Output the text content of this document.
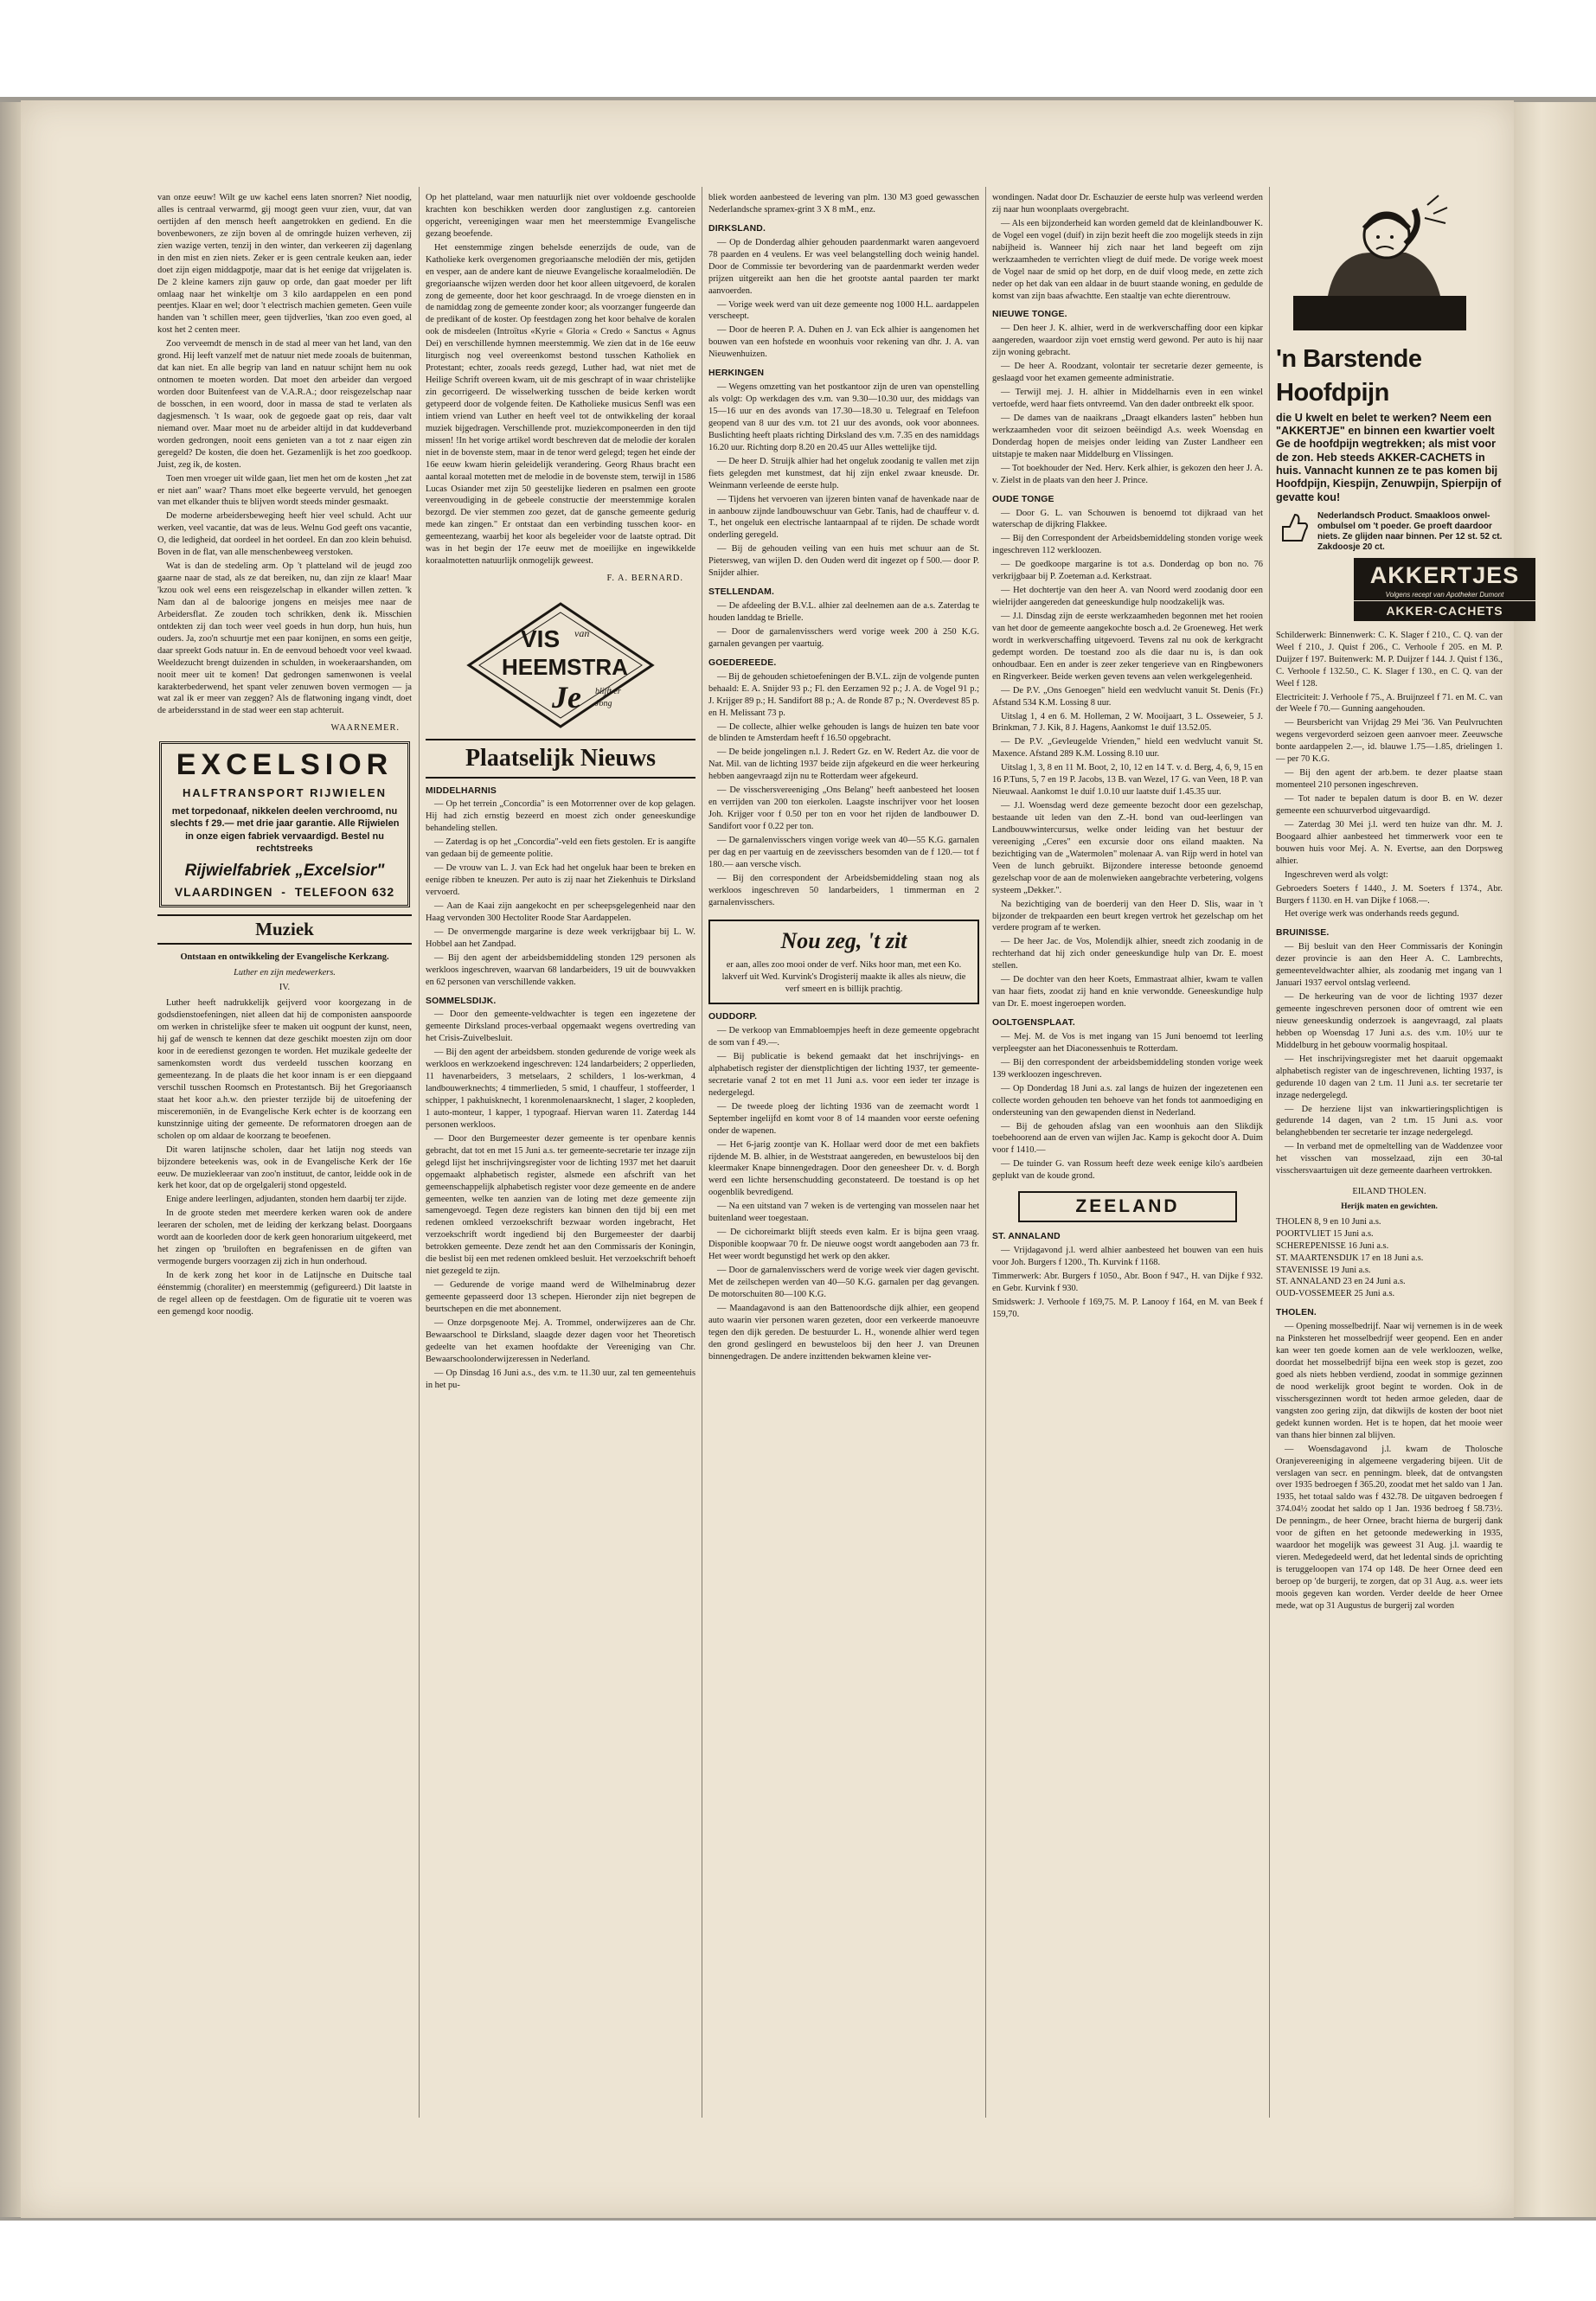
van onze eeuw! Wilt ge uw kachel eens laten snorren? Niet noodig, alles is centraal verwarmd, gij moogt geen vuur zien, vuur, dat van oertijden af den mensch heeft aangetrokken en gediend. En die bovenbewoners, ze zijn boven al de omringde huizen verheven, zij zien wazige verten, tenzij in den winter, dan verkeeren zij dagenlang in den mist en zien niets. Zeker er is geen centrale keuken aan, ieder doet zijn eigen middagpotje, maar dat is het eenige dat vrijgelaten is. De 2 kleine kamers zijn gauw op orde, dan gaat moeder per lift omlaag naar het winkeltje om 3 kilo aardappelen en een pond peentjes. Klaar en wel; door 't electrisch machien gemeten. Geen vuile handen van 't schillen meer, geen tijdverlies, 'tkan zoo even goed, al kost het 2 centen meer.

Zoo verveemdt de mensch in de stad al meer van het land, van den grond. Hij leeft vanzelf met de natuur niet mede zooals de buitenman, dat kan niet. En alle begrip van land en natuur schijnt hem nu ook ontnomen te moeten worden. Dat moet den arbeider dan vergoed worden door Buitenfeest van de V.A.R.A.; door reisgezelschap naar de bosschen, in een woord, door in massa de stad te verlaten als dagjesmensch. 't Is waar, ook de gegoede gaat op reis, daar valt niemand over. Maar moet nu de arbeider altijd in dat kuddeverband worden gedrongen, nooit eens genieten van a tot z naar eigen zin geregeld? De kosten, die doen het. Gezamenlijk is het zoo goedkoop. Juist, zeg ik, de kosten.

Toen men vroeger uit wilde gaan, liet men het om de kosten „het zat er niet aan" waar? Thans moet elke begeerte vervuld, het genoegen van met elkander thuis te blijven wordt steeds minder gesmaakt.

De moderne arbeidersbeweging heeft hier veel schuld. Acht uur werken, veel vacantie, dat was de leus. Welnu God geeft ons vacantie, O, die ledigheid, dat oordeel in het oordeel. En dan zoo klein behuisd. Boven in de flat, van alle menschenbeweeg verstoken.

Wat is dan de stedeling arm. Op 't platteland wil de jeugd zoo gaarne naar de stad, als ze dat bereiken, nu, dan zijn ze klaar! Maar 'kzou ook wel eens een reisgezelschap in elkander willen zetten. 'k Nam dan al de baloorige jongens en meisjes mee naar de Arbeidersflat. Ze zouden toch schrikken, denk ik. Misschien ontdekten zij dan toch weer veel goeds in hun dorp, hun huis, hun ouders. Ja, zoo'n schuurtje met een paar konijnen, en soms een geitje, daar spreekt Gods natuur in. En de eenvoud behoedt voor veel kwaad. Weeldezucht brengt duizenden in schulden, in woekeraarshanden, om nooit meer uit te komen! Dat gedrongen samenwonen is veelal karakterbederwend, het spant veler zenuwen boven vermogen — ja wat zal ik er meer van zeggen? Als de flatwoning ingang vindt, doet de arbeidersstand in de stad weer een stap achteruit.

WAARNEMER.
EXCELSIOR
HALFTRANSPORT RIJWIELEN
met torpedonaaf, nikkelen deelen verchroomd, nu slechts f 29.— met drie jaar garantie. Alle Rijwielen in onze eigen fabriek vervaardigd. Bestel nu rechtstreeks
Rijwielfabriek „Excelsior"
VLAARDINGEN  -  TELEFOON 632
Muziek
Ontstaan en ontwikkeling der Evangelische Kerkzang.
Luther en zijn medewerkers.
IV.

Luther heeft nadrukkelijk geijverd voor koorgezang in de godsdienstoefeningen, niet alleen dat hij de componisten aanspoorde om werken in christelijke sfeer te maken uit oogpunt der kunst, neen, hij gaf de wensch te kennen dat deze geschikt moesten zijn om door koor in de eeredienst gezongen te worden. Het muzikale gedeelte der samenkomsten wordt dus verdeeld tusschen koorzang en gemeentezang. In de plaats die het koor innam is er een diepgaand verschil tusschen Roomsch en Protestantsch. Bij het Gregoriaansch staat het koor a.h.w. den priester terzijde bij de uitoefening der misceremoniën, in de Evangelische Kerk echter is de koorzang een kunstzinnige uiting der gemeente. De reformatoren droegen aan de scholen op om aldaar de koorzang te beoefenen.

Dit waren latijnsche scholen, daar het latijn nog steeds van bijzondere beteekenis was, ook in de Evangelische Kerk der 16e eeuw. De muziekleeraar van zoo'n instituut, de cantor, leidde ook in de kerk het koor, dat op de orgelgalerij stond opgesteld.

Enige andere leerlingen, adjudanten, stonden hem daarbij ter zijde.

In de groote steden met meerdere kerken waren ook de andere leeraren der scholen, met de leiding der kerkzang belast. Doorgaans wordt aan de koorleden door de kerk geen honorarium uitgekeerd, met het zingen op 'bruiloften en begrafenissen en de giften van vermogende burgers voorzagen zij zich in hun onderhoud.

In de kerk zong het koor in de Latijnsche en Duitsche taal éénstemmig (choraliter) en meerstemmig (gefigureerd.) Dit laatste in de regel alleen op de feestdagen. Om de figuratie uit te voeren was een gemengd koor noodig.

Op het platteland, waar men natuurlijk niet over voldoende geschoolde krachten kon beschikken werden door zanglustigen z.g. cantoreien opgericht, vereenigingen waar men het meerstemmige Evangelische gezang beoefende.

Het eenstemmige zingen behelsde eenerzijds de oude, van de Katholieke kerk overgenomen gregoriaansche melodiën der mis, getijden en vesper, aan de andere kant de nieuwe Evangelische koraalmelodiën. De gregoriaansche wijzen werden door het koor alleen uitgevoerd, de koralen zong de gemeente, door het koor geschraagd. In de vroege diensten en in de namiddag zong de gemeente zonder koor; als voorzanger fungeerde dan de predikant of de koster. Op feestdagen zong het koor behalve de koralen ook de misdeelen (Introïtus «Kyrie « Gloria « Credo « Sanctus « Agnus Dei) en verschillende hymnen meerstemmig. We zien dat in de 16e eeuw liturgisch nog veel overeenkomst bestond tusschen Katholiek en Protestant; echter, zooals reeds gezegd, Luther had, wat niet met de Heilige Schrift overeen kwam, uit de mis geschrapt of in waar christelijke zin gecorrigeerd. De wisselwerking tusschen de beide kerken wordt getypeerd door de volgende feiten. De Katholieke musicus Senfl was een intiem vriend van Luther en heeft veel tot de ontwikkeling der koraal muziek bijgedragen. Verschillende prot. muziekcomponeerden in den tijd missen! !In het vorige artikel wordt beschreven dat de melodie der koralen niet in de bovenste stem, maar in de tenor werd gelegd; tegen het einde der 16e eeuw kwam hierin geleidelijk verandering. Georg Rhaus bracht een aantal koraal motetten met de melodie in de bovenste stem, terwijl in 1586 Lucas Osiander met zijn 50 geestelijke liederen en psalmen een groote vereenvoudiging in de gebeele constructie der meerstemmige koralen bezorgd. De vier stemmen zoo gezet, dat de gansche gemeente gedurig mede kan zingen." Er ontstaat dan een verbinding tusschen koor- en gemeentezang, waarbij het koor als begeleider voor de laatste optrad. Dit was in het begin der 17e eeuw met de moeilijke en ingewikkelde koraalmotetten natuurlijk onmogelijk geweest.

F. A. BERNARD.
VIS van
HEEMSTRA
Je blijft er
Jong
Plaatselijk Nieuws
MIDDELHARNIS

— Op het terrein „Concordia" is een Motorrenner over de kop gelagen. Hij had zich ernstig bezeerd en moest zich onder geneeskundige behandeling stellen.

— Zaterdag is op het „Concordia"-veld een fiets gestolen. Er is aangifte van gedaan bij de gemeente politie.

— De vrouw van L. J. van Eck had het ongeluk haar been te breken en eenige ribben te kneuzen. Per auto is zij naar het Ziekenhuis te Dirksland vervoerd.

— Aan de Kaai zijn aangekocht en per scheepsgelegenheid naar den Haag vervonden 300 Hectoliter Roode Star Aardappelen.

— De onvermengde margarine is deze week verkrijgbaar bij L. W. Hobbel aan het Zandpad.

— Bij den agent der arbeidsbemiddeling stonden 129 personen als werkloos ingeschreven, waarvan 68 landarbeiders, 19 uit de bouwvakken en 62 personen van verschillende vakken.

SOMMELSDIJK.

— Door den gemeente-veldwachter is tegen een ingezetene der gemeente Dirksland proces-verbaal opgemaakt wegens overtreding van het Crisis-Zuivelbesluit.

— Bij den agent der arbeidsbem. stonden gedurende de vorige week als werkloos en werkzoekend ingeschreven: 124 landarbeiders; 2 opperlieden, 11 havenarbeiders, 3 metselaars, 2 schilders, 1 los-werkman, 4 landbouwerknechts; 4 timmerlieden, 5 smid, 1 chauffeur, 1 stoffeerder, 1 schipper, 1 pakhuisknecht, 1 korenmolenaarsknecht, 1 slager, 2 koopleden, 1 auto-monteur, 1 kapper, 1 typograaf. Hiervan waren 11. Zaterdag 144 personen werkloos.

— Door den Burgemeester dezer gemeente is ter openbare kennis gebracht, dat tot en met 15 Juni a.s. ter gemeente-secretarie ter inzage zijn gelegd lijst het inschrijvingsregister voor de lichting 1937 met het daaruit opgemaakt alphabetisch register, alsmede een afschrift van het gemeenschappelijk alphabetisch register voor deze gemeente en de andere gemeenten, welke ten aanzien van de loting met deze gemeente zijn samengevoegd. Tegen deze registers kan binnen den tijd bij een met redenen omkleed verzoekschrift bezwaar worden ingebracht, Het verzoekschrift wordt ingediend bij den Burgemeester der daarbij betrokken gemeente. Deze zendt het aan den Commissaris der Koningin, die beslist bij een met redenen omkleed besluit. Het verzoekschrift behoeft niet gezegeld te zijn.

— Gedurende de vorige maand werd de Wilhelminabrug dezer gemeente gepasseerd door 13 schepen. Hieronder zijn niet begrepen de beurtschepen en die met abonnement.

— Onze dorpsgenoote Mej. A. Trommel, onderwijzeres aan de Chr. Bewaarschool te Dirksland, slaagde dezer dagen voor het Theoretisch gedeelte van het examen hoofdakte der Vereeniging van Chr. Bewaarschoolonderwijzeressen in Nederland.

— Op Dinsdag 16 Juni a.s., des v.m. te 11.30 uur, zal ten gemeentehuis in het pu-

bliek worden aanbesteed de levering van plm. 130 M3 goed gewasschen Nederlandsche spramex-grint 3 X 8 mM., enz.

DIRKSLAND.

— Op de Donderdag alhier gehouden paardenmarkt waren aangevoerd 78 paarden en 4 veulens. Er was veel belangstelling doch weinig handel. Door de Commissie ter bevordering van de paardenmarkt werden weder prijzen uitgereikt aan hen die het grootste aantal paarden ter markt aanvoerden.

— Vorige week werd van uit deze gemeente nog 1000 H.L. aardappelen verscheept.

— Door de heeren P. A. Duhen en J. van Eck alhier is aangenomen het bouwen van een hofstede en woonhuis voor rekening van dhr. J. A. van Nieuwenhuizen.

HERKINGEN

— Wegens omzetting van het postkantoor zijn de uren van openstelling als volgt: Op werkdagen des v.m. van 9.30—10.30 uur, des middags van 15—16 uur en des avonds van 17.30—18.30 u. Telegraaf en Telefoon geopend van 8 uur des v.m. tot 21 uur des avonds, ook voor abonnees. Buslichting heeft plaats richting Dirksland des v.m. 7.35 en des namiddags 16.20 uur. Richting dorp 8.20 en 20.45 uur Alles wettelijke tijd.

— De heer D. Struijk alhier had het ongeluk zoodanig te vallen met zijn fiets gelegden met kunstmest, dat hij zijn enkel zwaar kneusde. Dr. Weinmann verleende de eerste hulp.

— Tijdens het vervoeren van ijzeren binten vanaf de havenkade naar de in aanbouw zijnde landbouwschuur van Gebr. Tanis, had de chauffeur v. d. T., het ongeluk een electrische lantaarnpaal af te rijden. De schade wordt onderling geregeld.

— Bij de gehouden veiling van een huis met schuur aan de St. Pietersweg, van wijlen D. den Ouden werd dit ingezet op f 500.— door P. Snijder alhier.

STELLENDAM.

— De afdeeling der B.V.L. alhier zal deelnemen aan de a.s. Zaterdag te houden landdag te Brielle.

— Door de garnalenvisschers werd vorige week 200 à 250 K.G. garnalen gevangen per vaartuig.

GOEDEREEDE.

— Bij de gehouden schietoefeningen der B.V.L. zijn de volgende punten behaald: E. A. Snijder 93 p.; Fl. den Eerzamen 92 p.; J. A. de Vogel 91 p.; J. Krijger 89 p.; H. Sandifort 88 p.; A. de Ronde 87 p.; N. Overdevest 85 p. en H. Melissant 73 p.

— De collecte, alhier welke gehouden is langs de huizen ten bate voor de blinden te Amsterdam heeft f 16.50 opgebracht.

— De beide jongelingen n.l. J. Redert Gz. en W. Redert Az. die voor de Nat. Mil. van de lichting 1937 beide zijn afgekeurd en die weer herkeuring hebben aangevraagd zijn nu te Rotterdam weer afgekeurd.

— De visschersvereeniging „Ons Belang" heeft aanbesteed het loosen en verrijden van 200 ton eierkolen. Laagste inschrijver voor het loosen Joh. Krijger voor f 0.50 per ton en voor het rijden de landbouwer D. Sandifort voor f 0.22 per ton.

— De garnalenvisschers vingen vorige week van 40—55 K.G. garnalen per dag en per vaartuig en de zeevisschers besomden van de f 120.— tot f 180.— aan versche visch.

— Bij den correspondent der Arbeidsbemiddeling staan nog als werkloos ingeschreven 50 landarbeiders, 1 timmerman en 2 garnalenvisschers.

Nou zeg, 't zit

er aan, alles zoo mooi onder de verf. Niks hoor man, met een Ko. lakverf uit Wed. Kurvink's Drogisterij maakte ik alles als nieuw, die verf smeert en is billijk prachtig.

OUDDORP.

— De verkoop van Emmabloempjes heeft in deze gemeente opgebracht de som van f 49.—.

— Bij publicatie is bekend gemaakt dat het inschrijvings- en alphabetisch register der dienstplichtigen der lichting 1937, ter gemeente-secretarie vanaf 2 tot en met 11 Juni a.s. voor een ieder ter inzage is nedergelegd.

— De tweede ploeg der lichting 1936 van de zeemacht wordt 1 September ingelijfd en komt voor 8 of 14 maanden voor eerste oefening onder de wapenen.

— Het 6-jarig zoontje van K. Hollaar werd door de met een bakfiets rijdende M. B. alhier, in de Weststraat aangereden, en bewusteloos bij den kleermaker Knape binnengedragen. Door den geneesheer Dr. v. d. Borgh werd een lichte hersenschudding geconstateerd. De toestand is op het oogenblik bevredigend.

— Na een uitstand van 7 weken is de vertenging van mosselen naar het buitenland weer toegestaan.

— De cichoreimarkt blijft steeds even kalm. Er is bijna geen vraag. Disponible koopwaar 70 fr. De nieuwe oogst wordt aangeboden aan 73 fr. Het weer wordt begunstigd het werk op den akker.

— Door de garnalenvisschers werd de vorige week vier dagen gevischt. Met de zeilschepen werden van 40—50 K.G. garnalen per dag gevangen. De motorschuiten 80—100 K.G.

— Maandagavond is aan den Battenoordsche dijk alhier, een geopend auto waarin vier personen waren gezeten, door een verkeerde manoeuvre tegen den dijk gereden. De bestuurder L. H., wonende alhier werd tegen den grond geslingerd en bewusteloos bij den heer J. van Dreunen binnengedragen. De andere inzittenden bekwamen kleine ver-

wondingen. Nadat door Dr. Eschauzier de eerste hulp was verleend werden zij naar hun woonplaats overgebracht.

— Als een bijzonderheid kan worden gemeld dat de kleinlandbouwer K. de Vogel een vogel (duif) in zijn bezit heeft die zoo mogelijk steeds in zijn nabijheid is. Wanneer hij zich naar het land begeeft om zijn werkzaamheden te verrichten vliegt de duif mede. De vorige week moest de Vogel naar de smid op het dorp, en de duif vloog mede, en zette zich neder op het dak van een aldaar in de buurt staande woning, en gedulde de komst van zijn baas afwachtte. Een staaltje van echte dierentrouw.

NIEUWE TONGE.

— Den heer J. K. alhier, werd in de werkverschaffing door een kipkar aangereden, waardoor zijn voet ernstig werd gewond. Per auto is hij naar zijn woning gebracht.

— De heer A. Roodzant, volontair ter secretarie dezer gemeente, is geslaagd voor het examen gemeente administratie.

— Terwijl mej. J. H. alhier in Middelharnis even in een winkel vertoefde, werd haar fiets ontvreemd. Van den dader ontbreekt elk spoor.

— De dames van de naaikrans „Draagt elkanders lasten" hebben hun werkzaamheden voor dit seizoen beëindigd A.s. week Woensdag en Donderdag hopen de meisjes onder leiding van Zuster Landheer een uitstapje te maken naar Middelburg en Vlissingen.

— Tot boekhouder der Ned. Herv. Kerk alhier, is gekozen den heer J. A. v. Zielst in de plaats van den heer J. Prince.

OUDE TONGE

— Door G. L. van Schouwen is benoemd tot dijkraad van het waterschap de dijkring Flakkee.

— Bij den Correspondent der Arbeidsbemiddeling stonden vorige week ingeschreven 112 werkloozen.

— De goedkoope margarine is tot a.s. Donderdag op bon no. 76 verkrijgbaar bij P. Zoeteman a.d. Kerkstraat.

— Het dochtertje van den heer A. van Noord werd zoodanig door een wielrijder aangereden dat geneeskundige hulp noodzakelijk was.

— J.l. Dinsdag zijn de eerste werkzaamheden begonnen met het rooien van het door de gemeente aangekochte bosch a.d. 2e Groeneweg. Het werk wordt in werkverschaffing uitgevoerd. Tevens zal nu ook de kerkgracht gedempt worden. De toestand zoo als die daar nu is, is dan ook onhoudbaar. Een en ander is zeer zeker tengerieve van en Ringbewoners en Ringverkeer. Beide werken geven tevens aan velen werkgelegenheid.

— De P.V. „Ons Genoegen" hield een wedvlucht vanuit St. Denis (Fr.) Afstand 534 K.M. Lossing 8 uur.

Uitslag 1, 4 en 6. M. Holleman, 2 W. Mooijaart, 3 L. Osseweier, 5 J. Brinkman, 7 J. Kik, 8 J. Hagens, Aankomst 1e duif 13.52.05.

— De P.V. „Gevleugelde Vrienden," hield een wedvlucht vanuit St. Maxence. Afstand 289 K.M. Lossing 8.10 uur.

Uitslag 1, 3, 8 en 11 M. Boot, 2, 10, 12 en 14 T. v. d. Berg, 4, 6, 9, 15 en 16 P.Tuns, 5, 7 en 19 P. Jacobs, 13 B. van Wezel, 17 G. van Veen, 18 P. van Nieuwaal. Aankomst 1e duif 1.0.10 uur laatste duif 1.45.35 uur.

— J.l. Woensdag werd deze gemeente bezocht door een gezelschap, bestaande uit leden van den Z.-H. bond van oud-leerlingen van Landbouwwintercursus, welke onder leiding van het bestuur der vereeniging „Ceres" een excursie door ons eiland maakten. Na bezichtiging van de „Watermolen" molenaar A. van Rijp werd in hotel van Veen de lunch gebruikt. Bijzondere interesse betoonde genoemd gezelschap voor de aan de molenwieken aangebrachte verbetering, volgens systeem „Dekker.".

Na bezichtiging van de boerderij van den Heer D. Slis, waar in 't bijzonder de trekpaarden een beurt kregen vertrok het gezelschap om het verdere program af te werken.

— De heer Jac. de Vos, Molendijk alhier, sneedt zich zoodanig in de rechterhand dat hij zich onder geneeskundige hulp van Dr. E. moest stellen.

— De dochter van den heer Koets, Emmastraat alhier, kwam te vallen van haar fiets, zoodat zij hand en knie verwondde. Geneeskundige hulp van Dr. E. moest ingeroepen worden.

OOLTGENSPLAAT.

— Mej. M. de Vos is met ingang van 15 Juni benoemd tot leerling verpleegster aan het Diaconessenhuis te Rotterdam.

— Bij den correspondent der arbeidsbemiddeling stonden vorige week 139 werkloozen ingeschreven.

— Op Donderdag 18 Juni a.s. zal langs de huizen der ingezetenen een collecte worden gehouden ten behoeve van het fonds tot aanmoediging en ondersteuning van den gewapenden dienst in Nederland.

— Bij de gehouden afslag van een woonhuis aan den Slikdijk toebehoorend aan de erven van wijlen Jac. Kamp is gekocht door A. Duim voor f 1410.—

— De tuinder G. van Rossum heeft deze week eenige kilo's aardbeien geplukt van de koude grond.

ZEELAND
ST. ANNALAND

— Vrijdagavond j.l. werd alhier aanbesteed het bouwen van een huis voor Joh. Burgers f 1200., Th. Kurvink f 1168.

Timmerwerk: Abr. Burgers f 1050., Abr. Boon f 947., H. van Dijke f 932. en Gebr. Kurvink f 930.

Smidswerk: J. Verhoole f 169,75. M. P. Lanooy f 164, en M. van Beek f 159,70.

'n Barstende Hoofdpijn
die U kwelt en belet te werken? Neem een "AKKERTJE" en binnen een kwartier voelt Ge de hoofdpijn wegtrekken; als mist voor de zon. Heb steeds AKKER-CACHETS in huis. Vannacht kunnen ze te pas komen bij Hoofdpijn, Kiespijn, Zenuwpijn, Spierpijn of gevatte kou!
Nederlandsch Product. Smaakloos onwel-ombulsel om 't poeder. Ge proeft daardoor niets. Ze glijden naar binnen. Per 12 st. 52 ct. Zakdoosje 20 ct.
AKKERTJES
Volgens recept van Apotheker Dumont
AKKER-CACHETS

Schilderwerk: Binnenwerk: C. K. Slager f 210., C. Q. van der Weel f 210., J. Quist f 206., C. Verhoole f 205. en M. P. Duijzer f 197. Buitenwerk: M. P. Duijzer f 144. J. Quist f 136., C. Verhoole f 132.50., C. K. Slager f 130., en C. Q. van der Weel f 128.

Electriciteit: J. Verhoole f 75., A. Bruijnzeel f 71. en M. C. van der Weele f 70.— Gunning aangehouden.

— Beursbericht van Vrijdag 29 Mei '36. Van Peulvruchten wegens vergevorderd seizoen geen aanvoer meer. Zeeuwsche bonte aardappelen 2.—, id. blauwe 1.75—1.85, drielingen 1.— per 70 K.G.

— Bij den agent der arb.bem. te dezer plaatse staan momenteel 210 personen ingeschreven.

— Tot nader te bepalen datum is door B. en W. dezer gemeente een schuurverbod uitgevaardigd.

— Zaterdag 30 Mei j.l. werd ten huize van dhr. M. J. Boogaard alhier aanbesteed het timmerwerk voor een te bouwen huis voor Mej. A. N. Evertse, aan den Dorpsweg alhier.

Ingeschreven werd als volgt:

Gebroeders Soeters f 1440., J. M. Soeters f 1374., Abr. Burgers f 1130. en H. van Dijke f 1068.—.

Het overige werk was onderhands reeds gegund.

BRUINISSE.

— Bij besluit van den Heer Commissaris der Koningin dezer provincie is aan den Heer A. C. Lambrechts, gemeenteveldwachter alhier, als zoodanig met ingang van 1 Januari 1937 eervol ontslag verleend.

— De herkeuring van de voor de lichting 1937 dezer gemeente ingeschreven personen door of omtrent wie een nieuw geneeskundig onderzoek is aangevraagd, zal plaats hebben op Woensdag 17 Juni a.s. des v.m. 10½ uur te Middelburg in het gebouw voormalig hospitaal.

— Het inschrijvingsregister met het daaruit opgemaakt alphabetisch register van de ingeschrevenen, lichting 1937, is gedurende 10 dagen van 2 t.m. 11 Juni a.s. ter secretarie ter inzage nedergelegd.

— De herziene lijst van inkwartieringsplichtigen is gedurende 14 dagen, van 2 t.m. 15 Juni a.s. voor belanghebbenden ter secretarie ter inzage nedergelegd.

— In verband met de opmeltelling van de Waddenzee voor het visschen van mosselzaad, zijn een 30-tal visschersvaartuigen uit deze gemeente daarheen vertrokken.

EILAND THOLEN.
Herijk maten en gewichten.
THOLEN 8, 9 en 10 Juni a.s.
POORTVLIET 15 Juni a.s.
SCHEREPENISSE 16 Juni a.s.
ST. MAARTENSDIJK 17 en 18 Juni a.s.
STAVENISSE 19 Juni a.s.
ST. ANNALAND 23 en 24 Juni a.s.
OUD-VOSSEMEER 25 Juni a.s.
THOLEN.

— Opening mosselbedrijf. Naar wij vernemen is in de week na Pinksteren het mosselbedrijf weer geopend. Een en ander kan weer ten goede komen aan de vele werkloozen, welke, doordat het mosselbedrijf bijna een week stop is gezet, zoo goed als niets hebben verdiend, zoodat in sommige gezinnen de nood werkelijk groot begint te worden. Ook in de visschersgezinnen wordt tot heden armoe geleden, daar de vangsten zoo gering zijn, dat dikwijls de kosten der boot niet gedekt kunnen worden. Het is te hopen, dat het mooie weer van thans hier binnen zal blijven.

— Woensdagavond j.l. kwam de Tholosche Oranjevereeniging in algemeene vergadering bijeen. Uit de verslagen van secr. en penningm. bleek, dat de ontvangsten over 1935 bedroegen f 365.20, zoodat met het saldo van 1 Jan. 1935, het totaal saldo was f 432.78. De uitgaven bedroegen f 374.04½ zoodat het saldo op 1 Jan. 1936 bedroeg f 58.73½. De penningm., de heer Ornee, bracht hierna de burgerij dank voor de giften en het getoonde medewerking in 1935, waardoor het mogelijk was geweest 31 Aug. j.l. waardig te vieren. Medegedeeld werd, dat het ledental sinds de oprichting is teruggeloopen van 174 op 148. De heer Ornee deed een beroep op 'de burgerij, te zorgen, dat op 31 Aug. a.s. weer iets moois gegeven kan worden. Verder deelde de heer Ornee mede, wat op 31 Augustus de burgerij zal worden
